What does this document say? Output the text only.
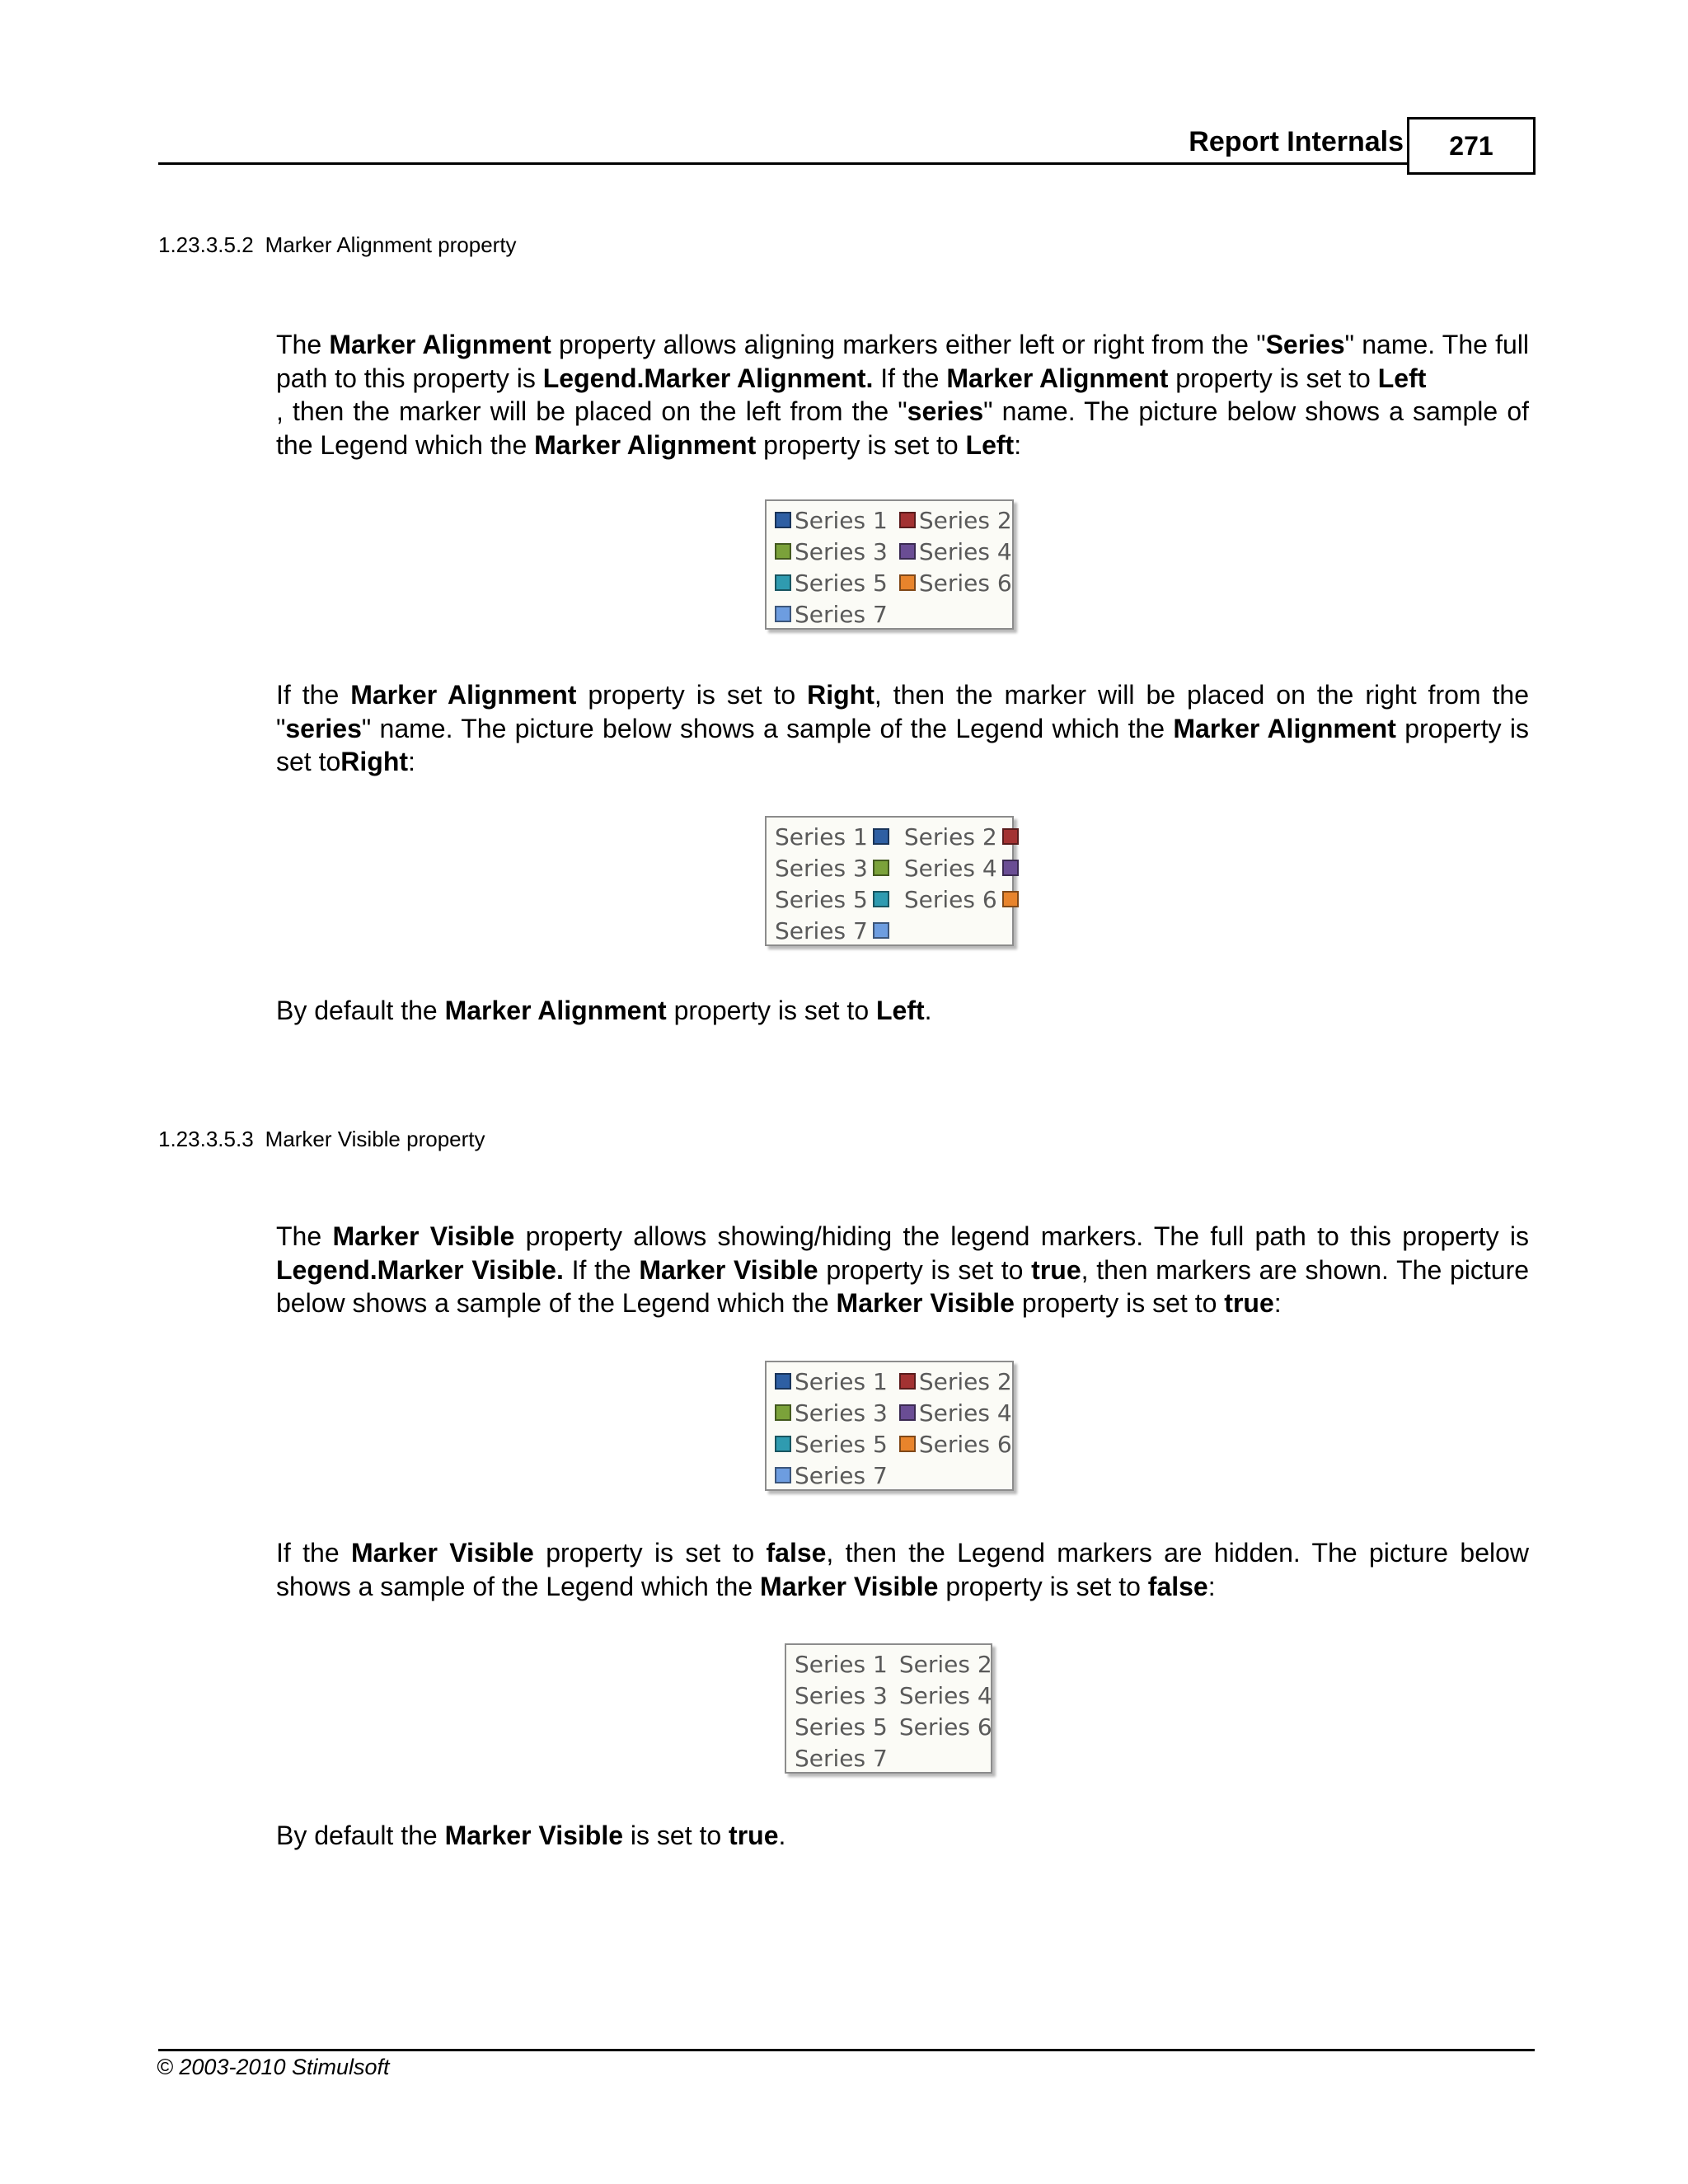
Report Internals	271
1.23.3.5.2 Marker Alignment property

The Marker Alignment property allows aligning markers either left or right from the "Series" name. The full path to this property is Legend.Marker Alignment. If the Marker Alignment property is set to Left
, then the marker will be placed on the left from the "series" name. The picture below shows a sample of the Legend which the Marker Alignment property is set to Left:

Series 1 Series 2
Series 3 Series 4
Series 5 Series 6
Series 7

If the Marker Alignment property is set to Right, then the marker will be placed on the right from the "series" name. The picture below shows a sample of the Legend which the Marker Alignment property is set toRight:

Series 1 Series 2
Series 3 Series 4
Series 5 Series 6
Series 7

By default the Marker Alignment property is set to Left.

1.23.3.5.3 Marker Visible property

The Marker Visible property allows showing/hiding the legend markers. The full path to this property is Legend.Marker Visible. If the Marker Visible property is set to true, then markers are shown. The picture below shows a sample of the Legend which the Marker Visible property is set to true:

Series 1 Series 2
Series 3 Series 4
Series 5 Series 6
Series 7

If the Marker Visible property is set to false, then the Legend markers are hidden. The picture below shows a sample of the Legend which the Marker Visible property is set to false:

Series 1 Series 2
Series 3 Series 4
Series 5 Series 6
Series 7

By default the Marker Visible is set to true.

© 2003-2010 Stimulsoft
